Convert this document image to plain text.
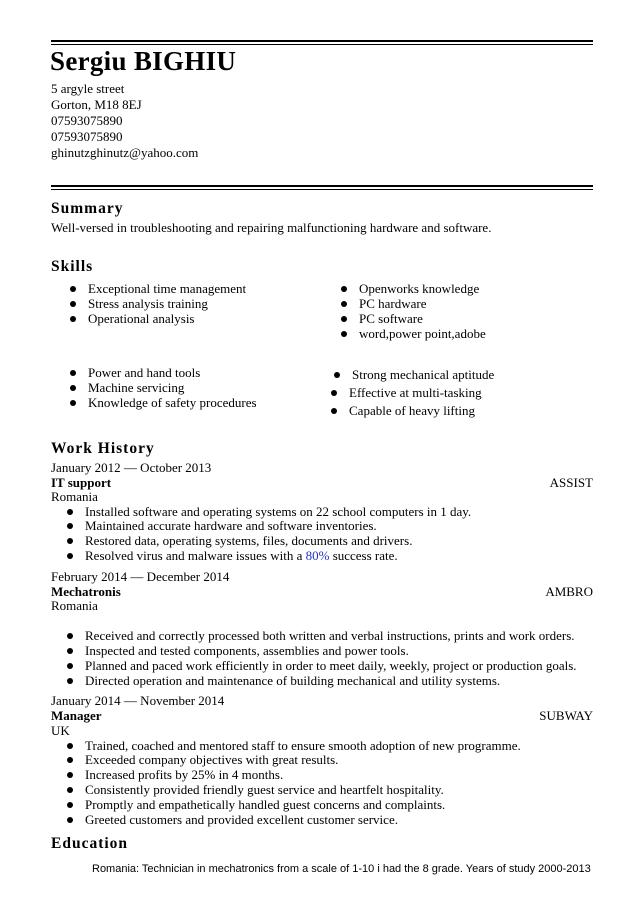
Sergiu BIGHIU
5 argyle street
Gorton, M18 8EJ
07593075890
07593075890
ghinutzghinutz@yahoo.com
Summary
Well-versed in troubleshooting and repairing malfunctioning hardware and software.
Skills
Exceptional time management
Stress analysis training
Operational analysis
Openworks knowledge
PC hardware
PC software
word,power point,adobe
Power and hand tools
Machine servicing
Knowledge of safety procedures
Strong mechanical aptitude
Effective at multi-tasking
Capable of heavy lifting
Work History
January 2012 — October 2013
IT support	ASSIST
Romania
Installed software and operating systems on 22 school computers in 1 day.
Maintained accurate hardware and software inventories.
Restored data, operating systems, files, documents and drivers.
Resolved virus and malware issues with a 80% success rate.
February 2014 — December 2014
Mechatronis	AMBRO
Romania
Received and correctly processed both written and verbal instructions, prints and work orders.
Inspected and tested components, assemblies and power tools.
Planned and paced work efficiently in order to meet daily, weekly, project or production goals.
Directed operation and maintenance of building mechanical and utility systems.
January 2014 — November 2014
Manager	SUBWAY
UK
Trained, coached and mentored staff to ensure smooth adoption of new programme.
Exceeded company objectives with great results.
Increased profits by 25% in 4 months.
Consistently provided friendly guest service and heartfelt hospitality.
Promptly and empathetically handled guest concerns and complaints.
Greeted customers and provided excellent customer service.
Education
Romania: Technician in mechatronics from a scale of 1-10 i had the 8 grade. Years of study 2000-2013
